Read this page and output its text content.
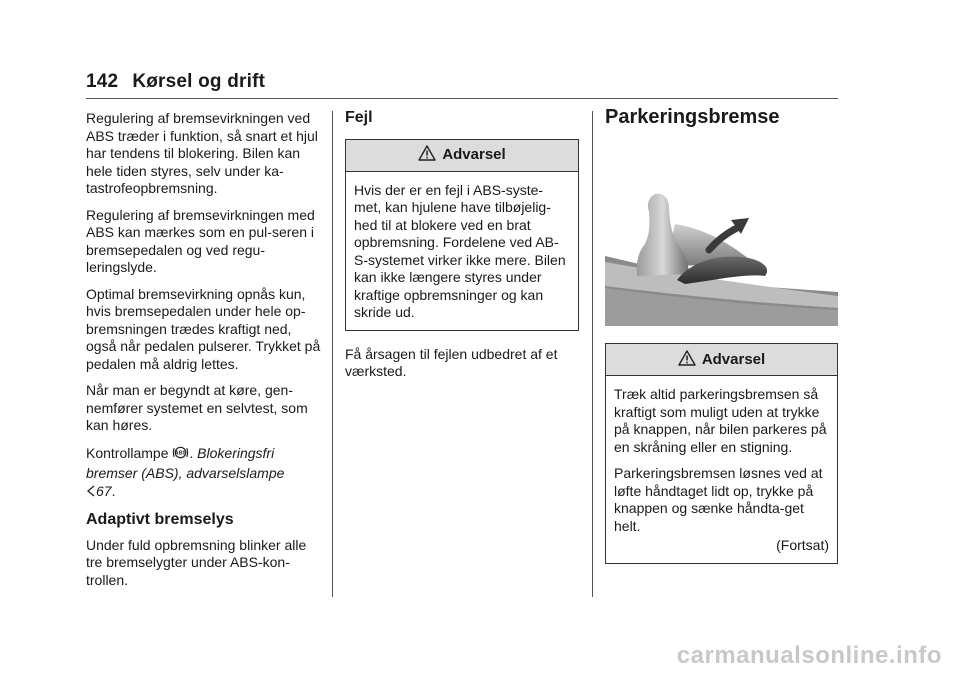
142 Kørsel og drift

Regulering af bremsevirkningen ved ABS træder i funktion, så snart et hjul har tendens til blokering. Bilen kan hele tiden styres, selv under ka-tastrofeopbremsning.

Regulering af bremsevirkningen med ABS kan mærkes som en pul-seren i bremsepedalen og ved regu-leringslyde.

Optimal bremsevirkning opnås kun, hvis bremsepedalen under hele op-bremsningen trædes kraftigt ned, også når pedalen pulserer. Trykket på pedalen må aldrig lettes.

Når man er begyndt at køre, gen-nemfører systemet en selvtest, som kan høres.

Kontrollampe ABS . Blokeringsfri bremser (ABS), advarselslampe
67.

Adaptivt bremselys

Under fuld opbremsning blinker alle tre bremselygter under ABS-kon-trollen.

Fejl
Advarsel

Hvis der er en fejl i ABS-syste-met, kan hjulene have tilbøjelig-hed til at blokere ved en brat opbremsning. Fordelene ved AB-S-systemet virker ikke mere. Bilen kan ikke længere styres under kraftige opbremsninger og kan skride ud.

Få årsagen til fejlen udbedret af et værksted.

Parkeringsbremse
Advarsel

Træk altid parkeringsbremsen så kraftigt som muligt uden at trykke på knappen, når bilen parkeres på en skråning eller en stigning.

Parkeringsbremsen løsnes ved at løfte håndtaget lidt op, trykke på knappen og sænke håndta-get helt.

(Fortsat)
carmanualsonline.info
